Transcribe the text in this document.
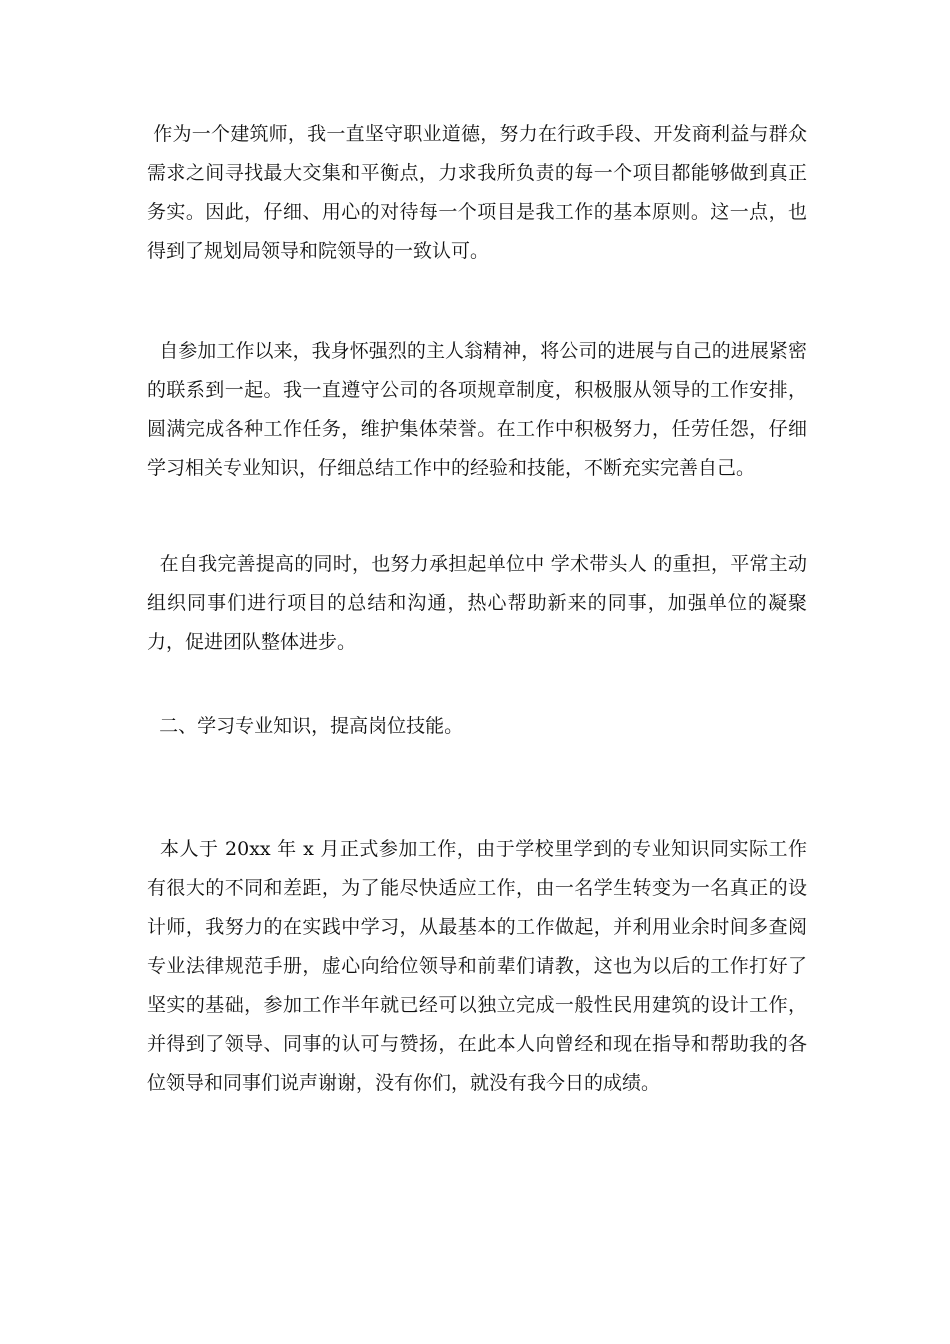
作为一个建筑师，我一直坚守职业道德，努力在行政手段、开发商利益与群众需求之间寻找最大交集和平衡点，力求我所负责的每一个项目都能够做到真正务实。因此，仔细、用心的对待每一个项目是我工作的基本原则。这一点，也得到了规划局领导和院领导的一致认可。

自参加工作以来，我身怀强烈的主人翁精神，将公司的进展与自己的进展紧密的联系到一起。我一直遵守公司的各项规章制度，积极服从领导的工作安排，圆满完成各种工作任务，维护集体荣誉。在工作中积极努力，任劳任怨，仔细学习相关专业知识，仔细总结工作中的经验和技能，不断充实完善自己。

在自我完善提高的同时，也努力承担起单位中 学术带头人 的重担，平常主动组织同事们进行项目的总结和沟通，热心帮助新来的同事，加强单位的凝聚力，促进团队整体进步。

二、学习专业知识，提高岗位技能。

本人于 20xx 年 x 月正式参加工作，由于学校里学到的专业知识同实际工作有很大的不同和差距，为了能尽快适应工作，由一名学生转变为一名真正的设计师，我努力的在实践中学习，从最基本的工作做起，并利用业余时间多查阅专业法律规范手册，虚心向给位领导和前辈们请教，这也为以后的工作打好了坚实的基础，参加工作半年就已经可以独立完成一般性民用建筑的设计工作，并得到了领导、同事的认可与赞扬，在此本人向曾经和现在指导和帮助我的各位领导和同事们说声谢谢，没有你们，就没有我今日的成绩。
